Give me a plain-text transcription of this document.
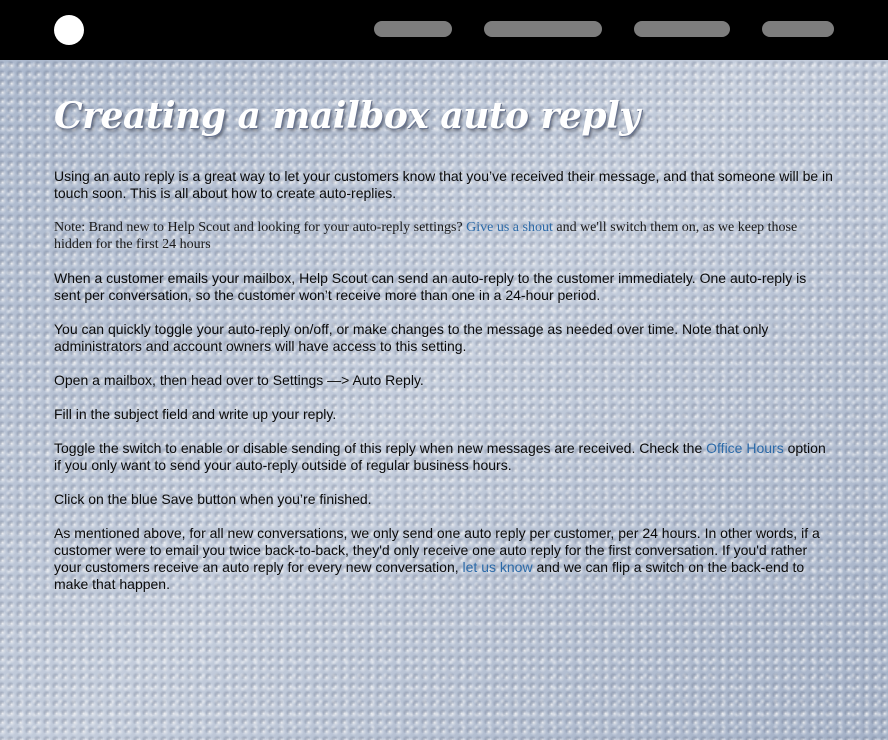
Creating a mailbox auto reply

Using an auto reply is a great way to let your customers know that you’ve received their message, and that someone will be in touch soon. This is all about how to create auto-replies.

Note: Brand new to Help Scout and looking for your auto-reply settings? Give us a shout and we'll switch them on, as we keep those hidden for the first 24 hours

When a customer emails your mailbox, Help Scout can send an auto-reply to the customer immediately. One auto-reply is sent per conversation, so the customer won’t receive more than one in a 24-hour period.

You can quickly toggle your auto-reply on/off, or make changes to the message as needed over time. Note that only administrators and account owners will have access to this setting.

Open a mailbox, then head over to Settings —> Auto Reply.

Fill in the subject field and write up your reply.

Toggle the switch to enable or disable sending of this reply when new messages are received. Check the Office Hours option if you only want to send your auto-reply outside of regular business hours.

Click on the blue Save button when you’re finished.

As mentioned above, for all new conversations, we only send one auto reply per customer, per 24 hours. In other words, if a customer were to email you twice back-to-back, they'd only receive one auto reply for the first conversation. If you'd rather your customers receive an auto reply for every new conversation, let us know and we can flip a switch on the back-end to make that happen.
